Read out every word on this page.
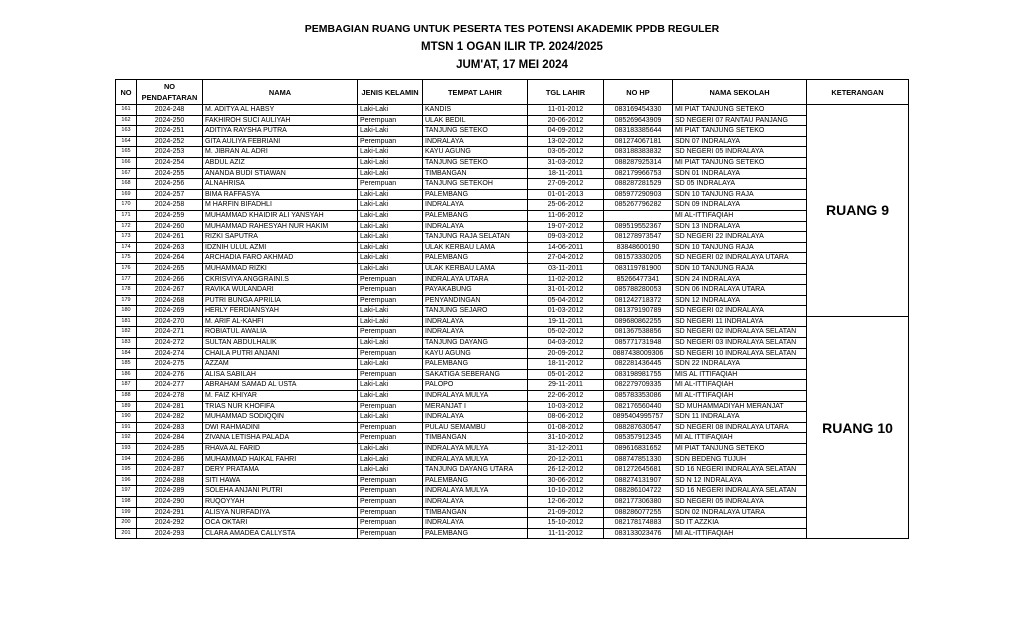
PEMBAGIAN RUANG UNTUK PESERTA TES POTENSI AKADEMIK PPDB REGULER
MTSN 1 OGAN ILIR TP. 2024/2025
JUM'AT, 17 MEI 2024
NO	NO PENDAFTARAN	NAMA	JENIS KELAMIN	TEMPAT LAHIR	TGL LAHIR	NO HP	NAMA SEKOLAH	KETERANGAN
161	2024-248	M. ADITYA AL HABSY	Laki-Laki	KANDIS	11-01-2012	083169454330	MI PIAT TANJUNG SETEKO	RUANG 9
162	2024-250	FAKHIROH SUCI AULIYAH	Perempuan	ULAK BEDIL	20-06-2012	085269643909	SD NEGERI 07 RANTAU PANJANG	
163	2024-251	ADITIYA RAYSHA PUTRA	Laki-Laki	TANJUNG SETEKO	04-09-2012	083183385644	MI PIAT TANJUNG SETEKO	
164	2024-252	GITA AULIYA FEBRIANI	Perempuan	INDRALAYA	13-02-2012	081274067181	SDN 07 INDRALAYA	
165	2024-253	M. JIBRAN AL ADRI	Laki-Laki	KAYU AGUNG	03-05-2012	083188383832	SD NEGERI 05 INDRALAYA	
166	2024-254	ABDUL AZIZ	Laki-Laki	TANJUNG SETEKO	31-03-2012	088287925314	MI PIAT TANJUNG SETEKO	
167	2024-255	ANANDA BUDI STIAWAN	Laki-Laki	TIMBANGAN	18-11-2011	082179966753	SDN 01 INDRALAYA	
168	2024-256	ALNAHRISA	Perempuan	TANJUNG SETEKOH	27-09-2012	088287281529	SD 05 INDRALAYA	
169	2024-257	BIMA RAFFASYA	Laki-Laki	PALEMBANG	01-01-2013	085977290903	SDN 10 TANJUNG RAJA	
170	2024-258	M HARFIN BIFADHLI	Laki-Laki	INDRALAYA	25-06-2012	085267796282	SDN 09 INDRALAYA	
171	2024-259	MUHAMMAD KHAIDIR ALI YANSYAH	Laki-Laki	PALEMBANG	11-06-2012		MI AL-ITTIFAQIAH	
172	2024-260	MUHAMMAD RAHESYAH NUR HAKIM	Laki-Laki	INDRALAYA	19-07-2012	089519552367	SDN 13 INDRALAYA	
173	2024-261	RIZKI SAPUTRA	Laki-Laki	TANJUNG RAJA SELATAN	09-03-2012	081278973547	SD NEGERI 22 INDRALAYA	
174	2024-263	IDZNIH ULUL AZMI	Laki-Laki	ULAK KERBAU LAMA	14-06-2011	83848600190	SDN 10 TANJUNG RAJA	
175	2024-264	ARCHADIA FARO AKHMAD	Laki-Laki	PALEMBANG	27-04-2012	081573330205	SD NEGERI 02 INDRALAYA UTARA	
176	2024-265	MUHAMMAD RIZKI	Laki-Laki	ULAK KERBAU LAMA	03-11-2011	083119781900	SDN 10 TANJUNG RAJA	
177	2024-266	CKRISVIYA ANGGRAINI.S	Perempuan	INDRALAYA UTARA	11-02-2012	85266477341	SDN 24 INDRALAYA	
178	2024-267	RAVIKA WULANDARI	Perempuan	PAYAKABUNG	31-01-2012	085788280053	SDN 06 INDRALAYA UTARA	
179	2024-268	PUTRI BUNGA APRILIA	Perempuan	PENYANDINGAN	05-04-2012	081242718372	SDN 12 INDRALAYA	
180	2024-269	HERLY FERDIANSYAH	Laki-Laki	TANJUNG SEJARO	01-03-2012	081379190789	SD NEGERI 02 INDRALAYA	
181	2024-270	M. ARIF AL-KAHFI	Laki-Laki	INDRALAYA	19-11-2011	089680862255	SD NEGERI 11 INDRALAYA	RUANG 10
182	2024-271	ROBIATUL AWALIA	Perempuan	INDRALAYA	05-02-2012	081367538856	SD NEGERI 02 INDRALAYA SELATAN	
183	2024-272	SULTAN ABDULHALIK	Laki-Laki	TANJUNG DAYANG	04-03-2012	085771731948	SD NEGERI 03 INDRALAYA SELATAN	
184	2024-274	CHAILA PUTRI ANJANI	Perempuan	KAYU AGUNG	20-09-2012	0887438009306	SD NEGERI 10 INDRALAYA SELATAN	
185	2024-275	AZZAM	Laki-Laki	PALEMBANG	18-11-2012	082281436445	SDN 22 INDRALAYA	
186	2024-276	ALISA SABILAH	Perempuan	SAKATIGA SEBERANG	05-01-2012	083198981755	MIS AL ITTIFAQIAH	
187	2024-277	ABRAHAM SAMAD AL USTA	Laki-Laki	PALOPO	29-11-2011	082279709335	MI AL-ITTIFAQIAH	
188	2024-278	M. FAIZ KHIYAR	Laki-Laki	INDRALAYA MULYA	22-06-2012	085783353086	MI AL-ITTIFAQIAH	
189	2024-281	TRIAS NUR KHOFIFA	Perempuan	MERANJAT I	10-03-2012	082176560440	SD MUHAMMADIYAH MERANJAT	
190	2024-282	MUHAMMAD SODIQQIN	Laki-Laki	INDRALAYA	08-06-2012	0895404995757	SDN 11 INDRALAYA	
191	2024-283	DWI RAHMADINI	Perempuan	PULAU SEMAMBU	01-08-2012	088287630547	SD NEGERI 08 INDRALAYA UTARA	
192	2024-284	ZIVANA LETISHA PALADA	Perempuan	TIMBANGAN	31-10-2012	085357912345	MI AL ITTIFAQIAH	
193	2024-285	RHAVA AL FARID	Laki-Laki	INDRALAYA MULYA	31-12-2011	089616831652	MI PIAT TANJUNG SETEKO	
194	2024-286	MUHAMMAD HAIKAL FAHRI	Laki-Laki	INDRALAYA MULYA	20-12-2011	088747851330	SDN BEDENG TUJUH	
195	2024-287	DERY PRATAMA	Laki-Laki	TANJUNG DAYANG UTARA	26-12-2012	081272645681	SD 16 NEGERI INDRALAYA SELATAN	
196	2024-288	SITI HAWA	Perempuan	PALEMBANG	30-06-2012	088274131907	SD N 12 INDRALAYA	
197	2024-289	SOLEHA ANJANI PUTRI	Perempuan	INDRALAYA MULYA	10-10-2012	088286104722	SD 16 NEGERI INDRALAYA SELATAN	
198	2024-290	RUQOYYAH	Perempuan	INDRALAYA	12-06-2012	082177306380	SD NEGERI 05 INDRALAYA	
199	2024-291	ALISYA NURFADIYA	Perempuan	TIMBANGAN	21-09-2012	088286077255	SDN 02 INDRALAYA UTARA	
200	2024-292	OCA OKTARI	Perempuan	INDRALAYA	15-10-2012	082178174883	SD IT AZZKIA	
201	2024-293	CLARA AMADEA CALLYSTA	Perempuan	PALEMBANG	11-11-2012	083133023476	MI AL-ITTIFAQIAH	
